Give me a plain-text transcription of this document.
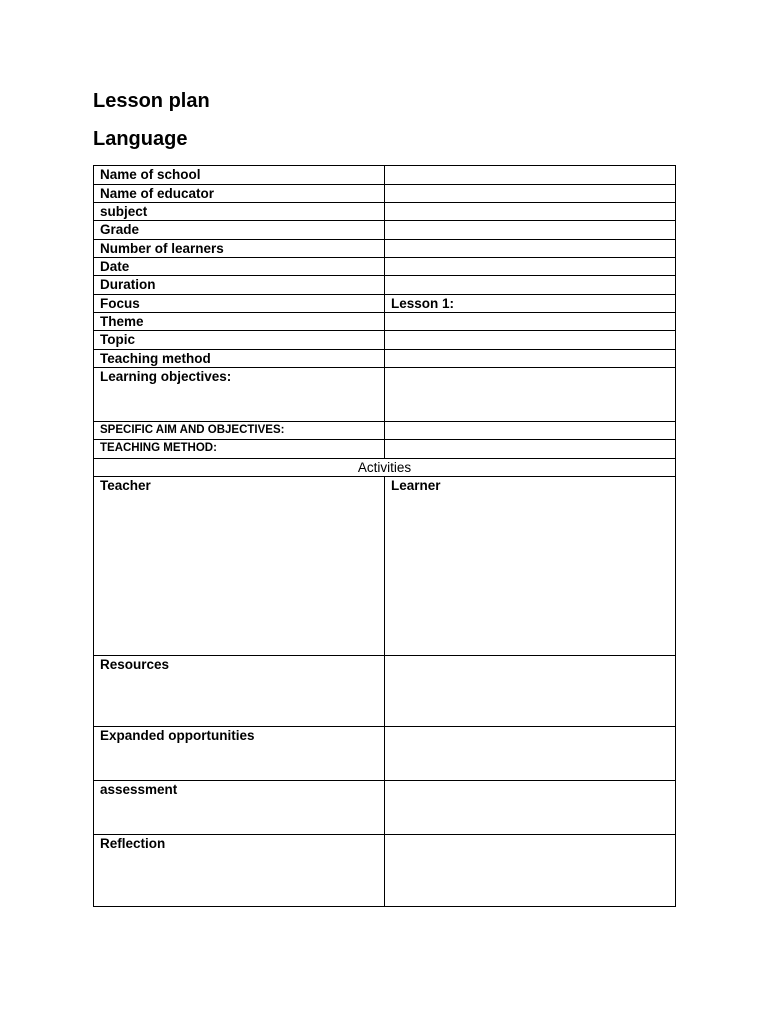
Lesson plan
Language
Name of school	
Name of educator	
subject	
Grade	
Number of learners	
Date	
Duration	
Focus	Lesson 1:
Theme	
Topic	
Teaching method	
Learning objectives:	
SPECIFIC AIM AND OBJECTIVES:	
TEACHING METHOD:	
Activities	
Teacher	Learner
Resources	
Expanded opportunities	
assessment	
Reflection	
